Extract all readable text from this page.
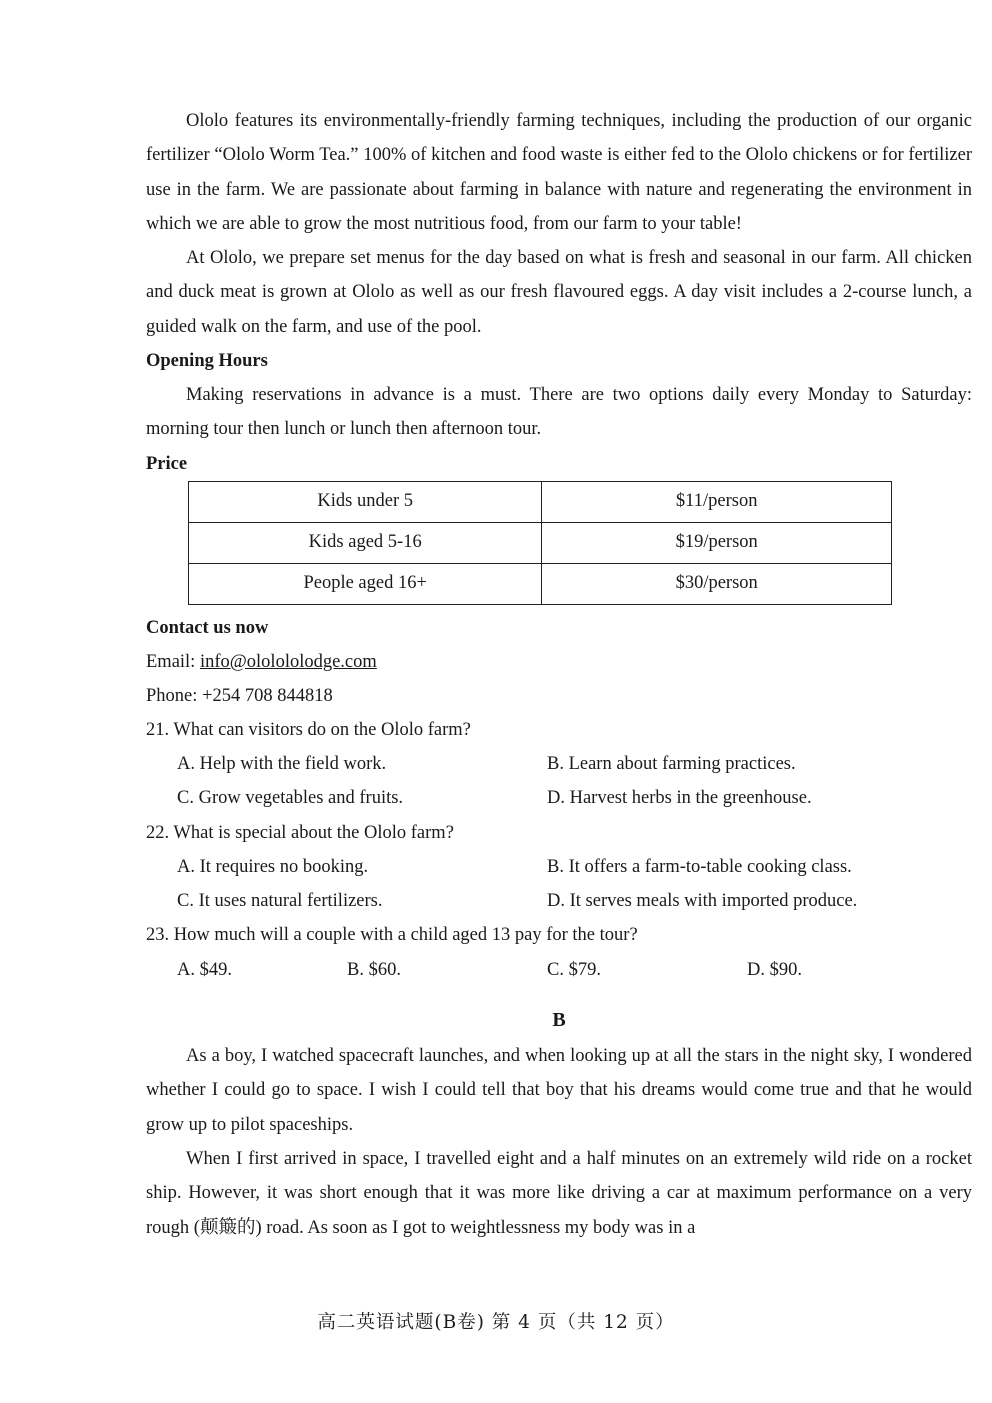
Ololo features its environmentally-friendly farming techniques, including the production of our organic fertilizer “Ololo Worm Tea.” 100% of kitchen and food waste is either fed to the Ololo chickens or for fertilizer use in the farm. We are passionate about farming in balance with nature and regenerating the environment in which we are able to grow the most nutritious food, from our farm to your table!

At Ololo, we prepare set menus for the day based on what is fresh and seasonal in our farm. All chicken and duck meat is grown at Ololo as well as our fresh flavoured eggs. A day visit includes a 2-course lunch, a guided walk on the farm, and use of the pool.

Opening Hours

Making reservations in advance is a must. There are two options daily every Monday to Saturday: morning tour then lunch or lunch then afternoon tour.

Price

Kids under 5	$11/person
Kids aged 5-16	$19/person
People aged 16+	$30/person

Contact us now

Email: info@ololololodge.com

Phone: +254 708 844818

21. What can visitors do on the Ololo farm?

A. Help with the field work.	B. Learn about farming practices.
C. Grow vegetables and fruits.	D. Harvest herbs in the greenhouse.

22. What is special about the Ololo farm?

A. It requires no booking.	B. It offers a farm-to-table cooking class.
C. It uses natural fertilizers.	D. It serves meals with imported produce.

23. How much will a couple with a child aged 13 pay for the tour?

A. $49.	B. $60.	C. $79.	D. $90.
B

As a boy, I watched spacecraft launches, and when looking up at all the stars in the night sky, I wondered whether I could go to space. I wish I could tell that boy that his dreams would come true and that he would grow up to pilot spaceships.

When I first arrived in space, I travelled eight and a half minutes on an extremely wild ride on a rocket ship. However, it was short enough that it was more like driving a car at maximum performance on a very rough (颠簸的) road. As soon as I got to weightlessness my body was in a

高二英语试题(B卷) 第 4 页（共 12 页）
